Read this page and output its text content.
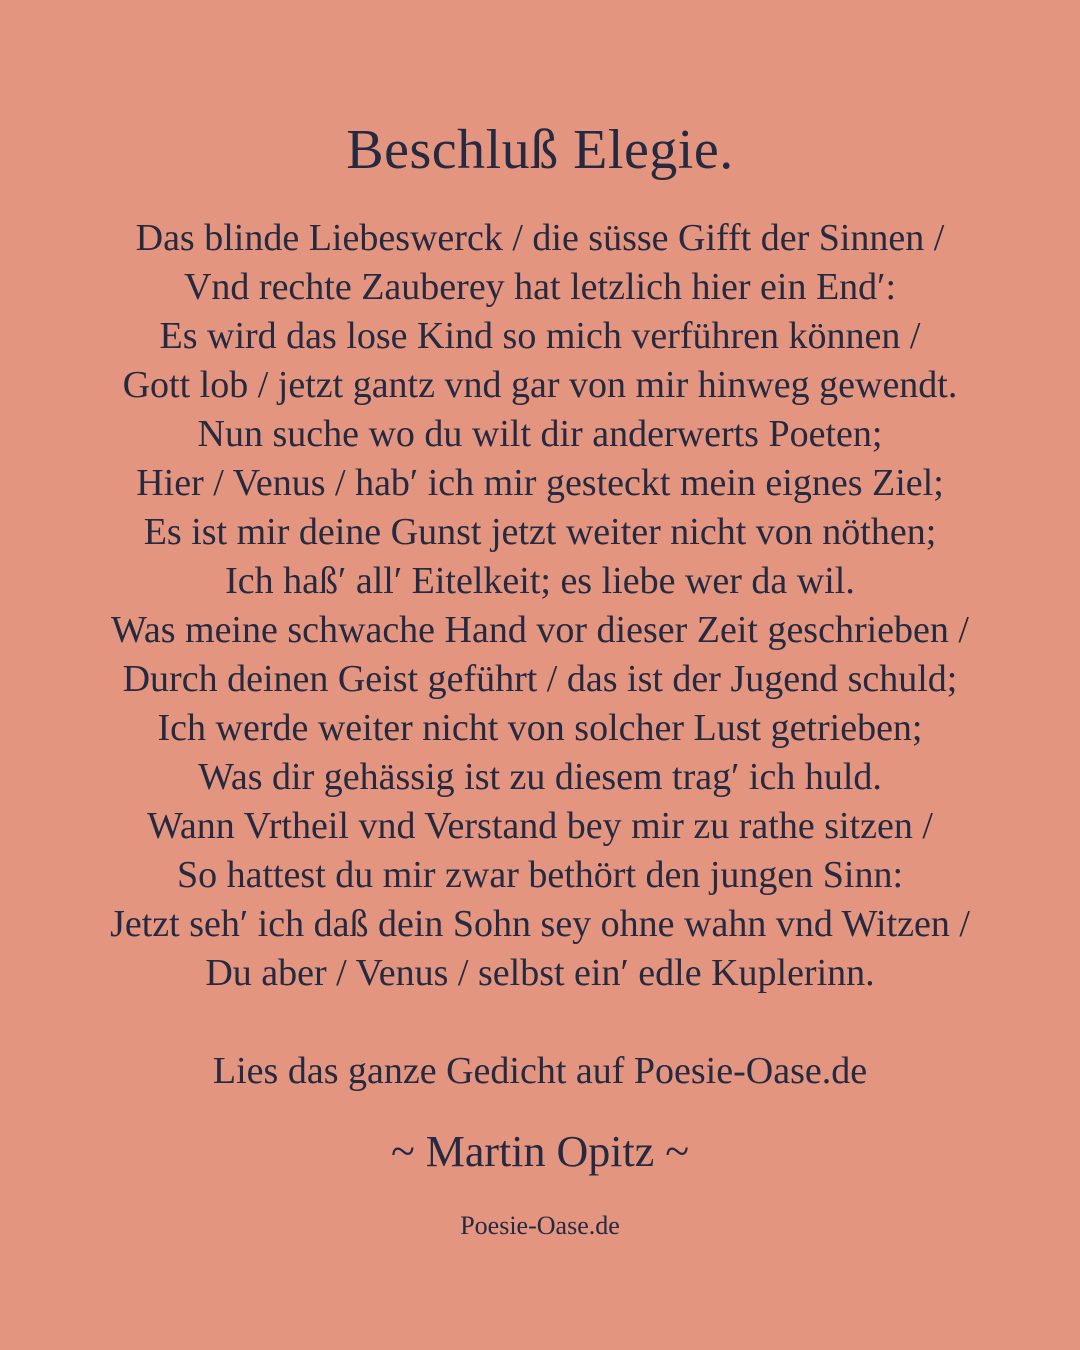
Beschluß Elegie.
Das blinde Liebeswerck / die süsse Gifft der Sinnen /
Vnd rechte Zauberey hat letzlich hier ein End′:
Es wird das lose Kind so mich verführen können /
Gott lob / jetzt gantz vnd gar von mir hinweg gewendt.
Nun suche wo du wilt dir anderwerts Poeten;
Hier / Venus / hab′ ich mir gesteckt mein eignes Ziel;
Es ist mir deine Gunst jetzt weiter nicht von nöthen;
Ich haß′ all′ Eitelkeit; es liebe wer da wil.
Was meine schwache Hand vor dieser Zeit geschrieben /
Durch deinen Geist geführt / das ist der Jugend schuld;
Ich werde weiter nicht von solcher Lust getrieben;
Was dir gehässig ist zu diesem trag′ ich huld.
Wann Vrtheil vnd Verstand bey mir zu rathe sitzen /
So hattest du mir zwar bethört den jungen Sinn:
Jetzt seh′ ich daß dein Sohn sey ohne wahn vnd Witzen /
Du aber / Venus / selbst ein′ edle Kuplerinn.
Lies das ganze Gedicht auf Poesie-Oase.de
~ Martin Opitz ~
Poesie-Oase.de
